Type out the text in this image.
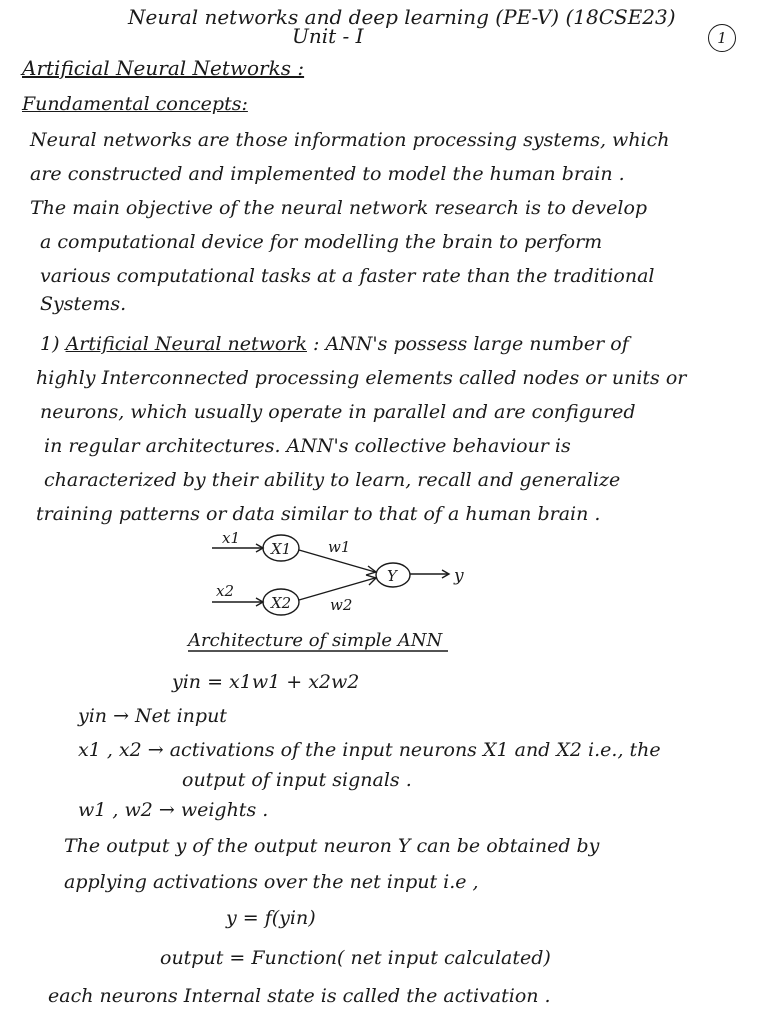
Neural networks and deep learning (PE-V) (18CSE23)
Unit - I	1
Artificial Neural Networks :
Fundamental concepts:
Neural networks are those information processing systems, which
are constructed and implemented to model the human brain .
The main objective of the neural network research is to develop
a computational device for modelling the brain to perform
various computational tasks at a faster rate than the traditional
Systems.
1) Artificial Neural network : ANN's possess large number of
highly Interconnected processing elements called nodes or units or
neurons, which usually operate in parallel and are configured
in regular architectures. ANN's collective behaviour is
characterized by their ability to learn, recall and generalize
training patterns or data similar to that of a human brain .
x1
x2
X1
X2
w1
w2
Y	y
Architecture of simple ANN
yin = x1w1 + x2w2
yin → Net input
x1 , x2 → activations of the input neurons X1 and X2 i.e., the
output of input signals .
w1 , w2 → weights .
The output y of the output neuron Y can be obtained by
applying activations over the net input i.e ,
y = f(yin)
output = Function( net input calculated)
each neurons Internal state is called the activation .
